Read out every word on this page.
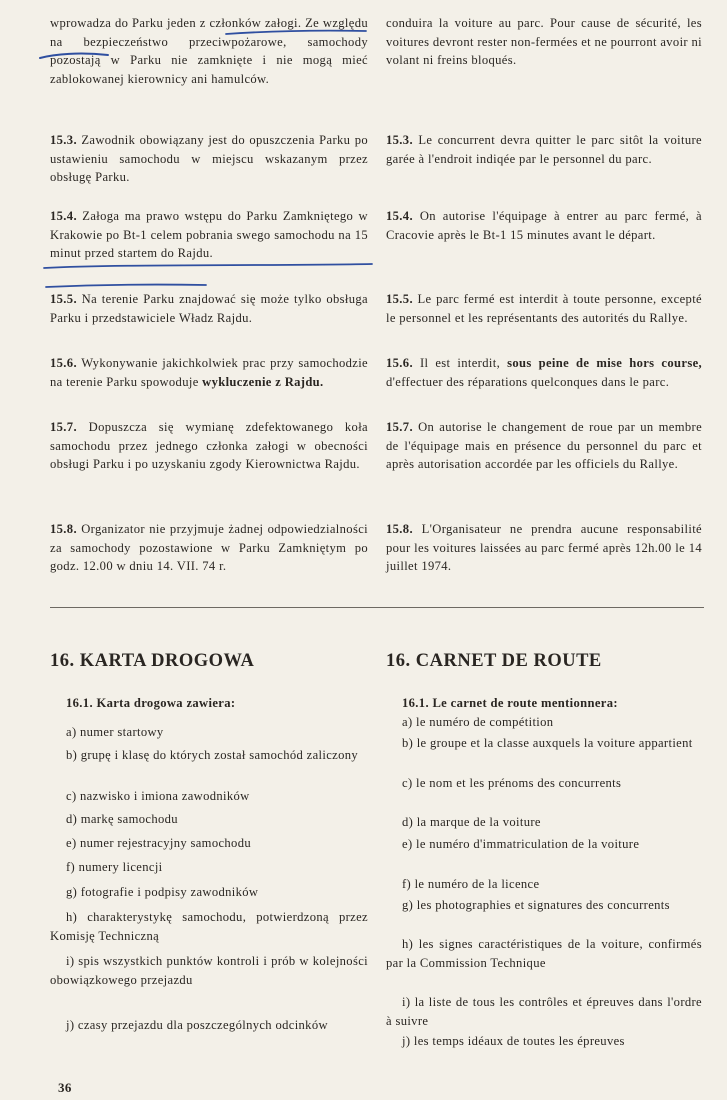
wprowadza do Parku jeden z członków załogi. Ze względu na bezpieczeństwo przeciwpożarowe, samochody pozostają w Parku nie zamknięte i nie mogą mieć zablokowanej kierownicy ani hamulców.

15.3. Zawodnik obowiązany jest do opuszczenia Parku po ustawieniu samochodu w miejscu wskazanym przez obsługę Parku.

15.4. Załoga ma prawo wstępu do Parku Zamkniętego w Krakowie po Bt-1 celem pobrania swego samochodu na 15 minut przed startem do Rajdu.

15.5. Na terenie Parku znajdować się może tylko obsługa Parku i przedstawiciele Władz Rajdu.

15.6. Wykonywanie jakichkolwiek prac przy samochodzie na terenie Parku spowoduje wykluczenie z Rajdu.

15.7. Dopuszcza się wymianę zdefektowanego koła samochodu przez jednego członka załogi w obecności obsługi Parku i po uzyskaniu zgody Kierownictwa Rajdu.

15.8. Organizator nie przyjmuje żadnej odpowiedzialności za samochody pozostawione w Parku Zamkniętym po godz. 12.00 w dniu 14. VII. 74 r.

conduira la voiture au parc. Pour cause de sécurité, les voitures devront rester non-fermées et ne pourront avoir ni volant ni freins bloqués.

15.3. Le concurrent devra quitter le parc sitôt la voiture garée à l'endroit indiqée par le personnel du parc.

15.4. On autorise l'équipage à entrer au parc fermé, à Cracovie après le Bt-1 15 minutes avant le départ.

15.5. Le parc fermé est interdit à toute personne, excepté le personnel et les représentants des autorités du Rallye.

15.6. Il est interdit, sous peine de mise hors course, d'effectuer des réparations quelconques dans le parc.

15.7. On autorise le changement de roue par un membre de l'équipage mais en présence du personnel du parc et après autorisation accordée par les officiels du Rallye.

15.8. L'Organisateur ne prendra aucune responsabilité pour les voitures laissées au parc fermé après 12h.00 le 14 juillet 1974.

16. KARTA DROGOWA	16. CARNET DE ROUTE

16.1. Karta drogowa zawiera:

a) numer startowy

b) grupę i klasę do których został samochód zaliczony

c) nazwisko i imiona zawodników

d) markę samochodu

e) numer rejestracyjny samochodu

f) numery licencji

g) fotografie i podpisy zawodników

h) charakterystykę samochodu, potwierdzoną przez Komisję Techniczną

i) spis wszystkich punktów kontroli i prób w kolejności obowiązkowego przejazdu

j) czasy przejazdu dla poszczególnych odcinków

16.1. Le carnet de route mentionnera:

a) le numéro de compétition

b) le groupe et la classe auxquels la voiture appartient

c) le nom et les prénoms des concurrents

d) la marque de la voiture

e) le numéro d'immatriculation de la voiture

f) le numéro de la licence

g) les photographies et signatures des concurrents

h) les signes caractéristiques de la voiture, confirmés par la Commission Technique

i) la liste de tous les contrôles et épreuves dans l'ordre à suivre

j) les temps idéaux de toutes les épreuves

36
